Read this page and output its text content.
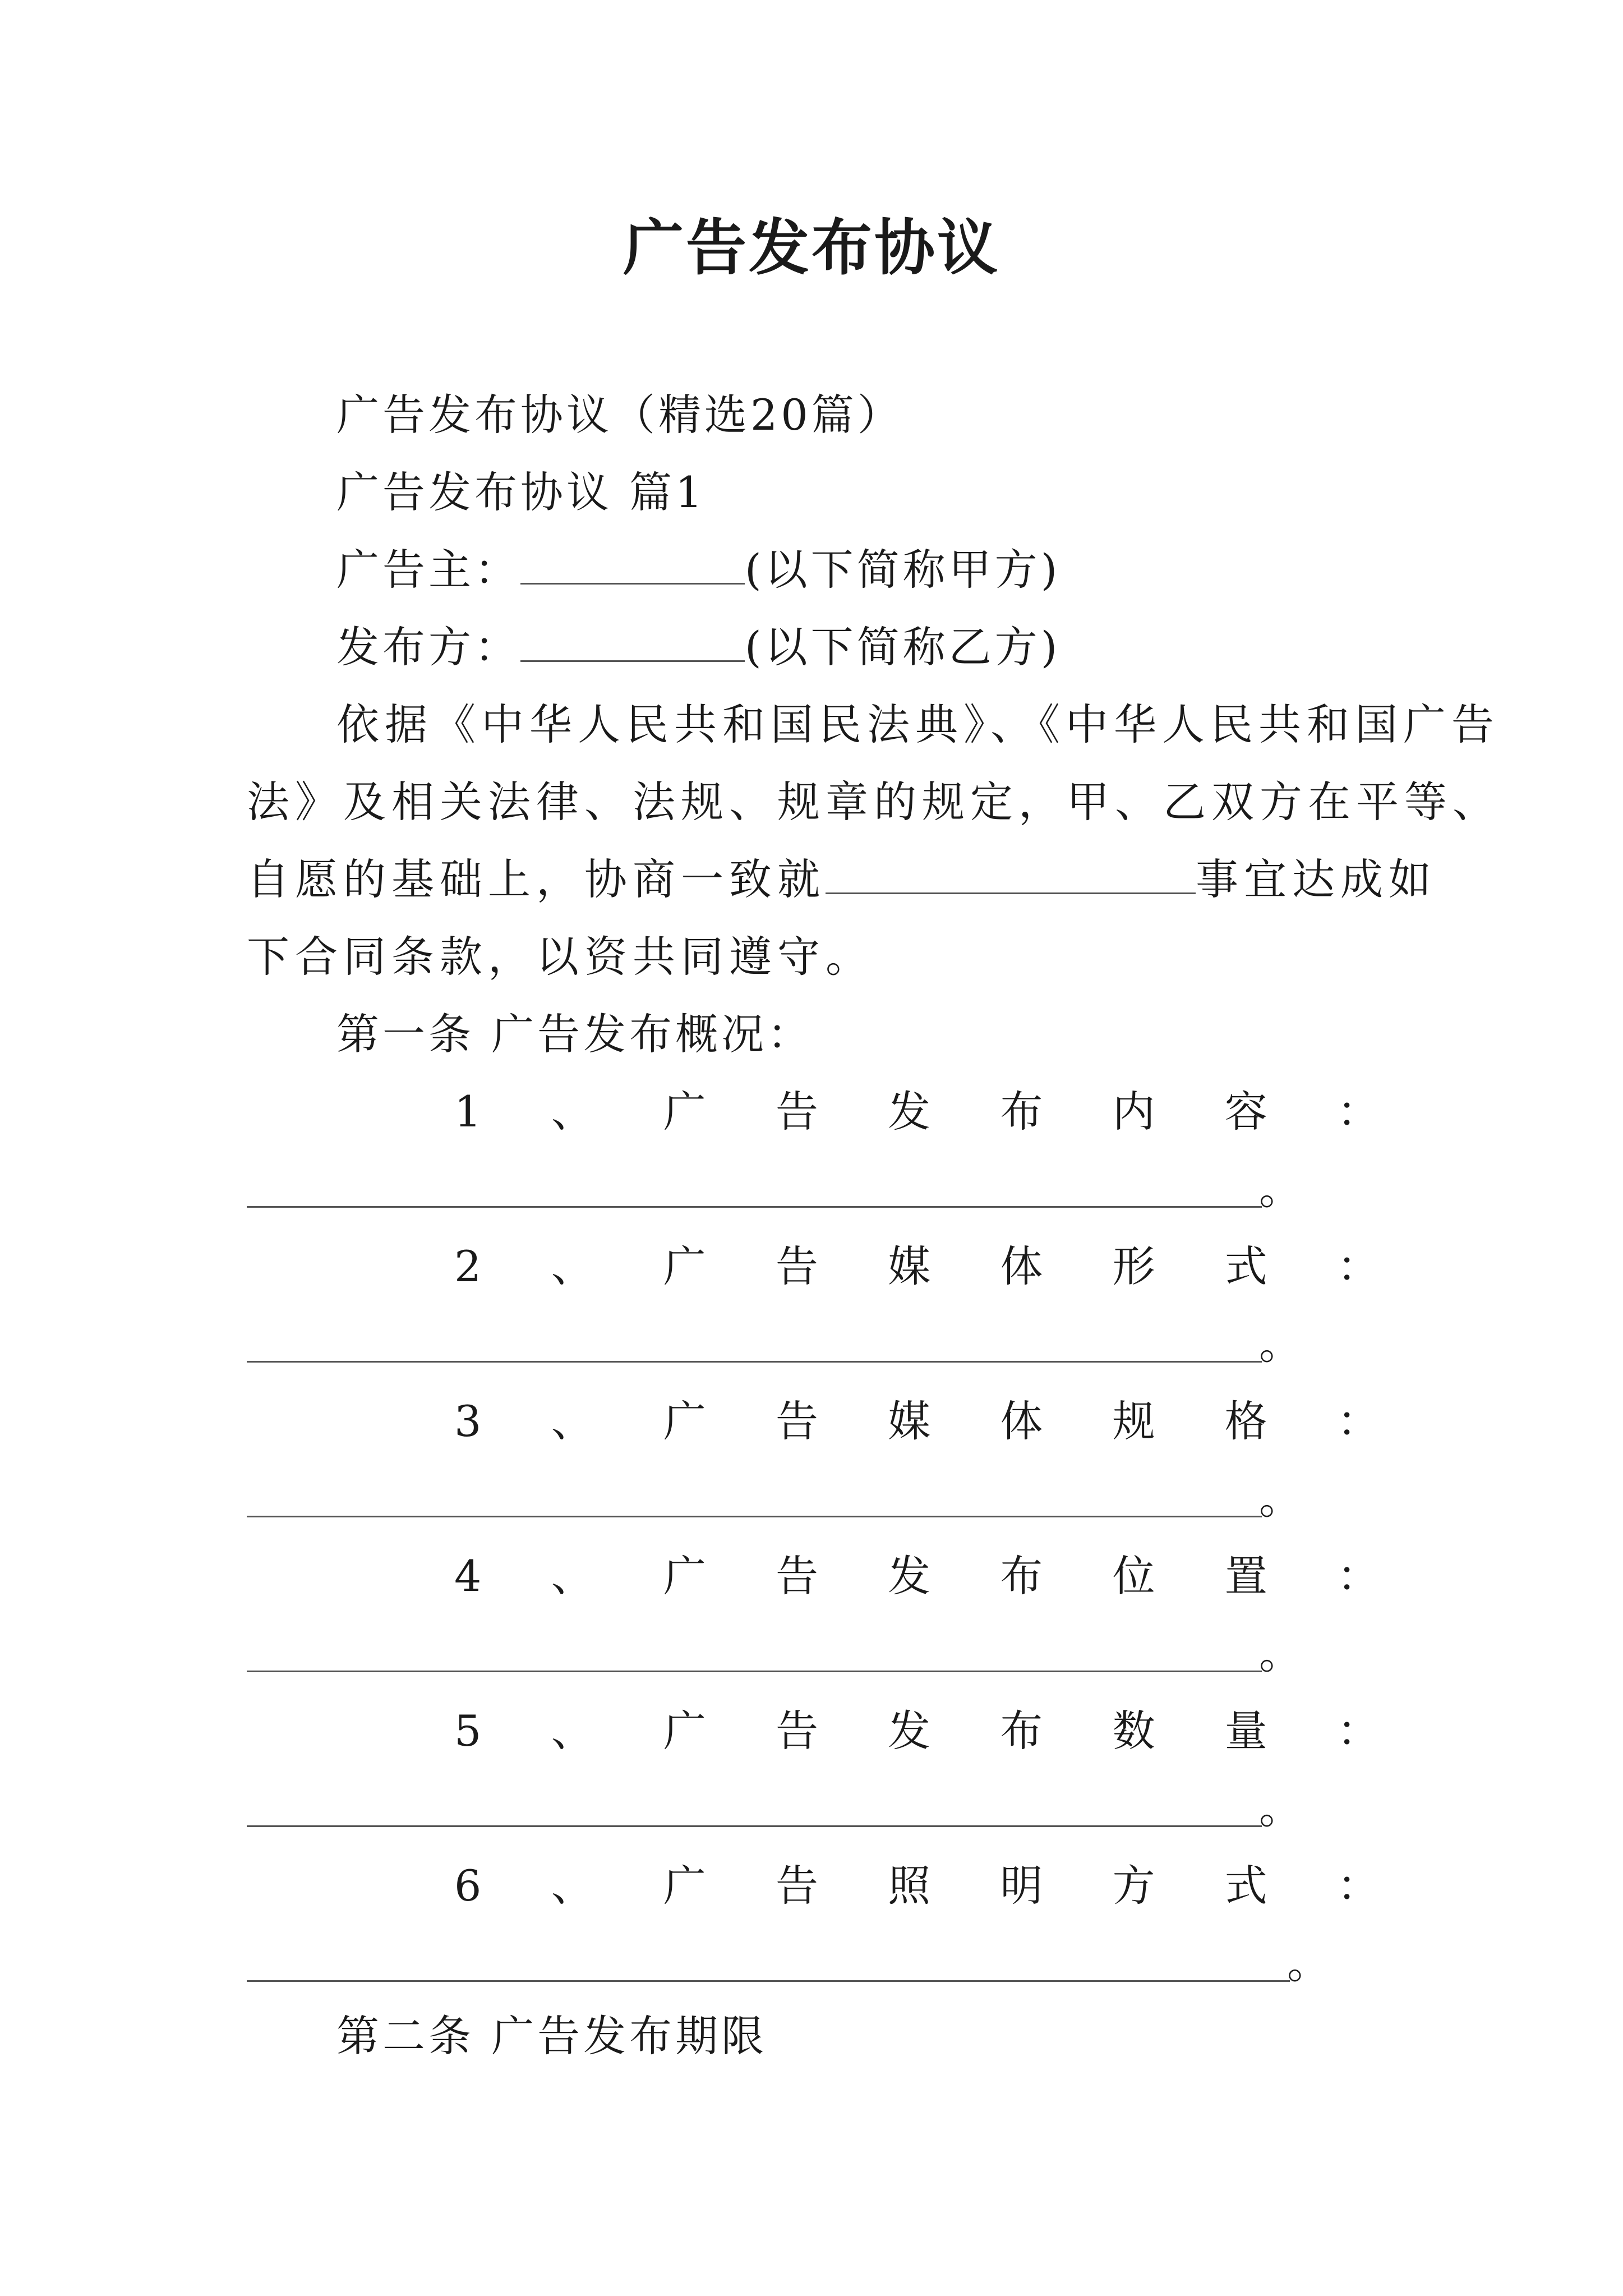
广告发布协议
广告发布协议（精选20篇）
广告发布协议 篇1
广告主：	(以下简称甲方)
发布方：	(以下简称乙方)
依据《中华人民共和国民法典》、《中华人民共和国广告
法》及相关法律、法规、规章的规定，甲、乙双方在平等、
自愿的基础上，协商一致就	事宜达成如
下合同条款，以资共同遵守。
第一条 广告发布概况：
1 、 广 告 发 布 内 容 ：
。
2 、 广 告 媒 体 形 式 ：
。
3 、 广 告 媒 体 规 格 ：
。
4 、 广 告 发 布 位 置 ：
。
5 、 广 告 发 布 数 量 ：
。
6 、 广 告 照 明 方 式 ：
。
第二条 广告发布期限
